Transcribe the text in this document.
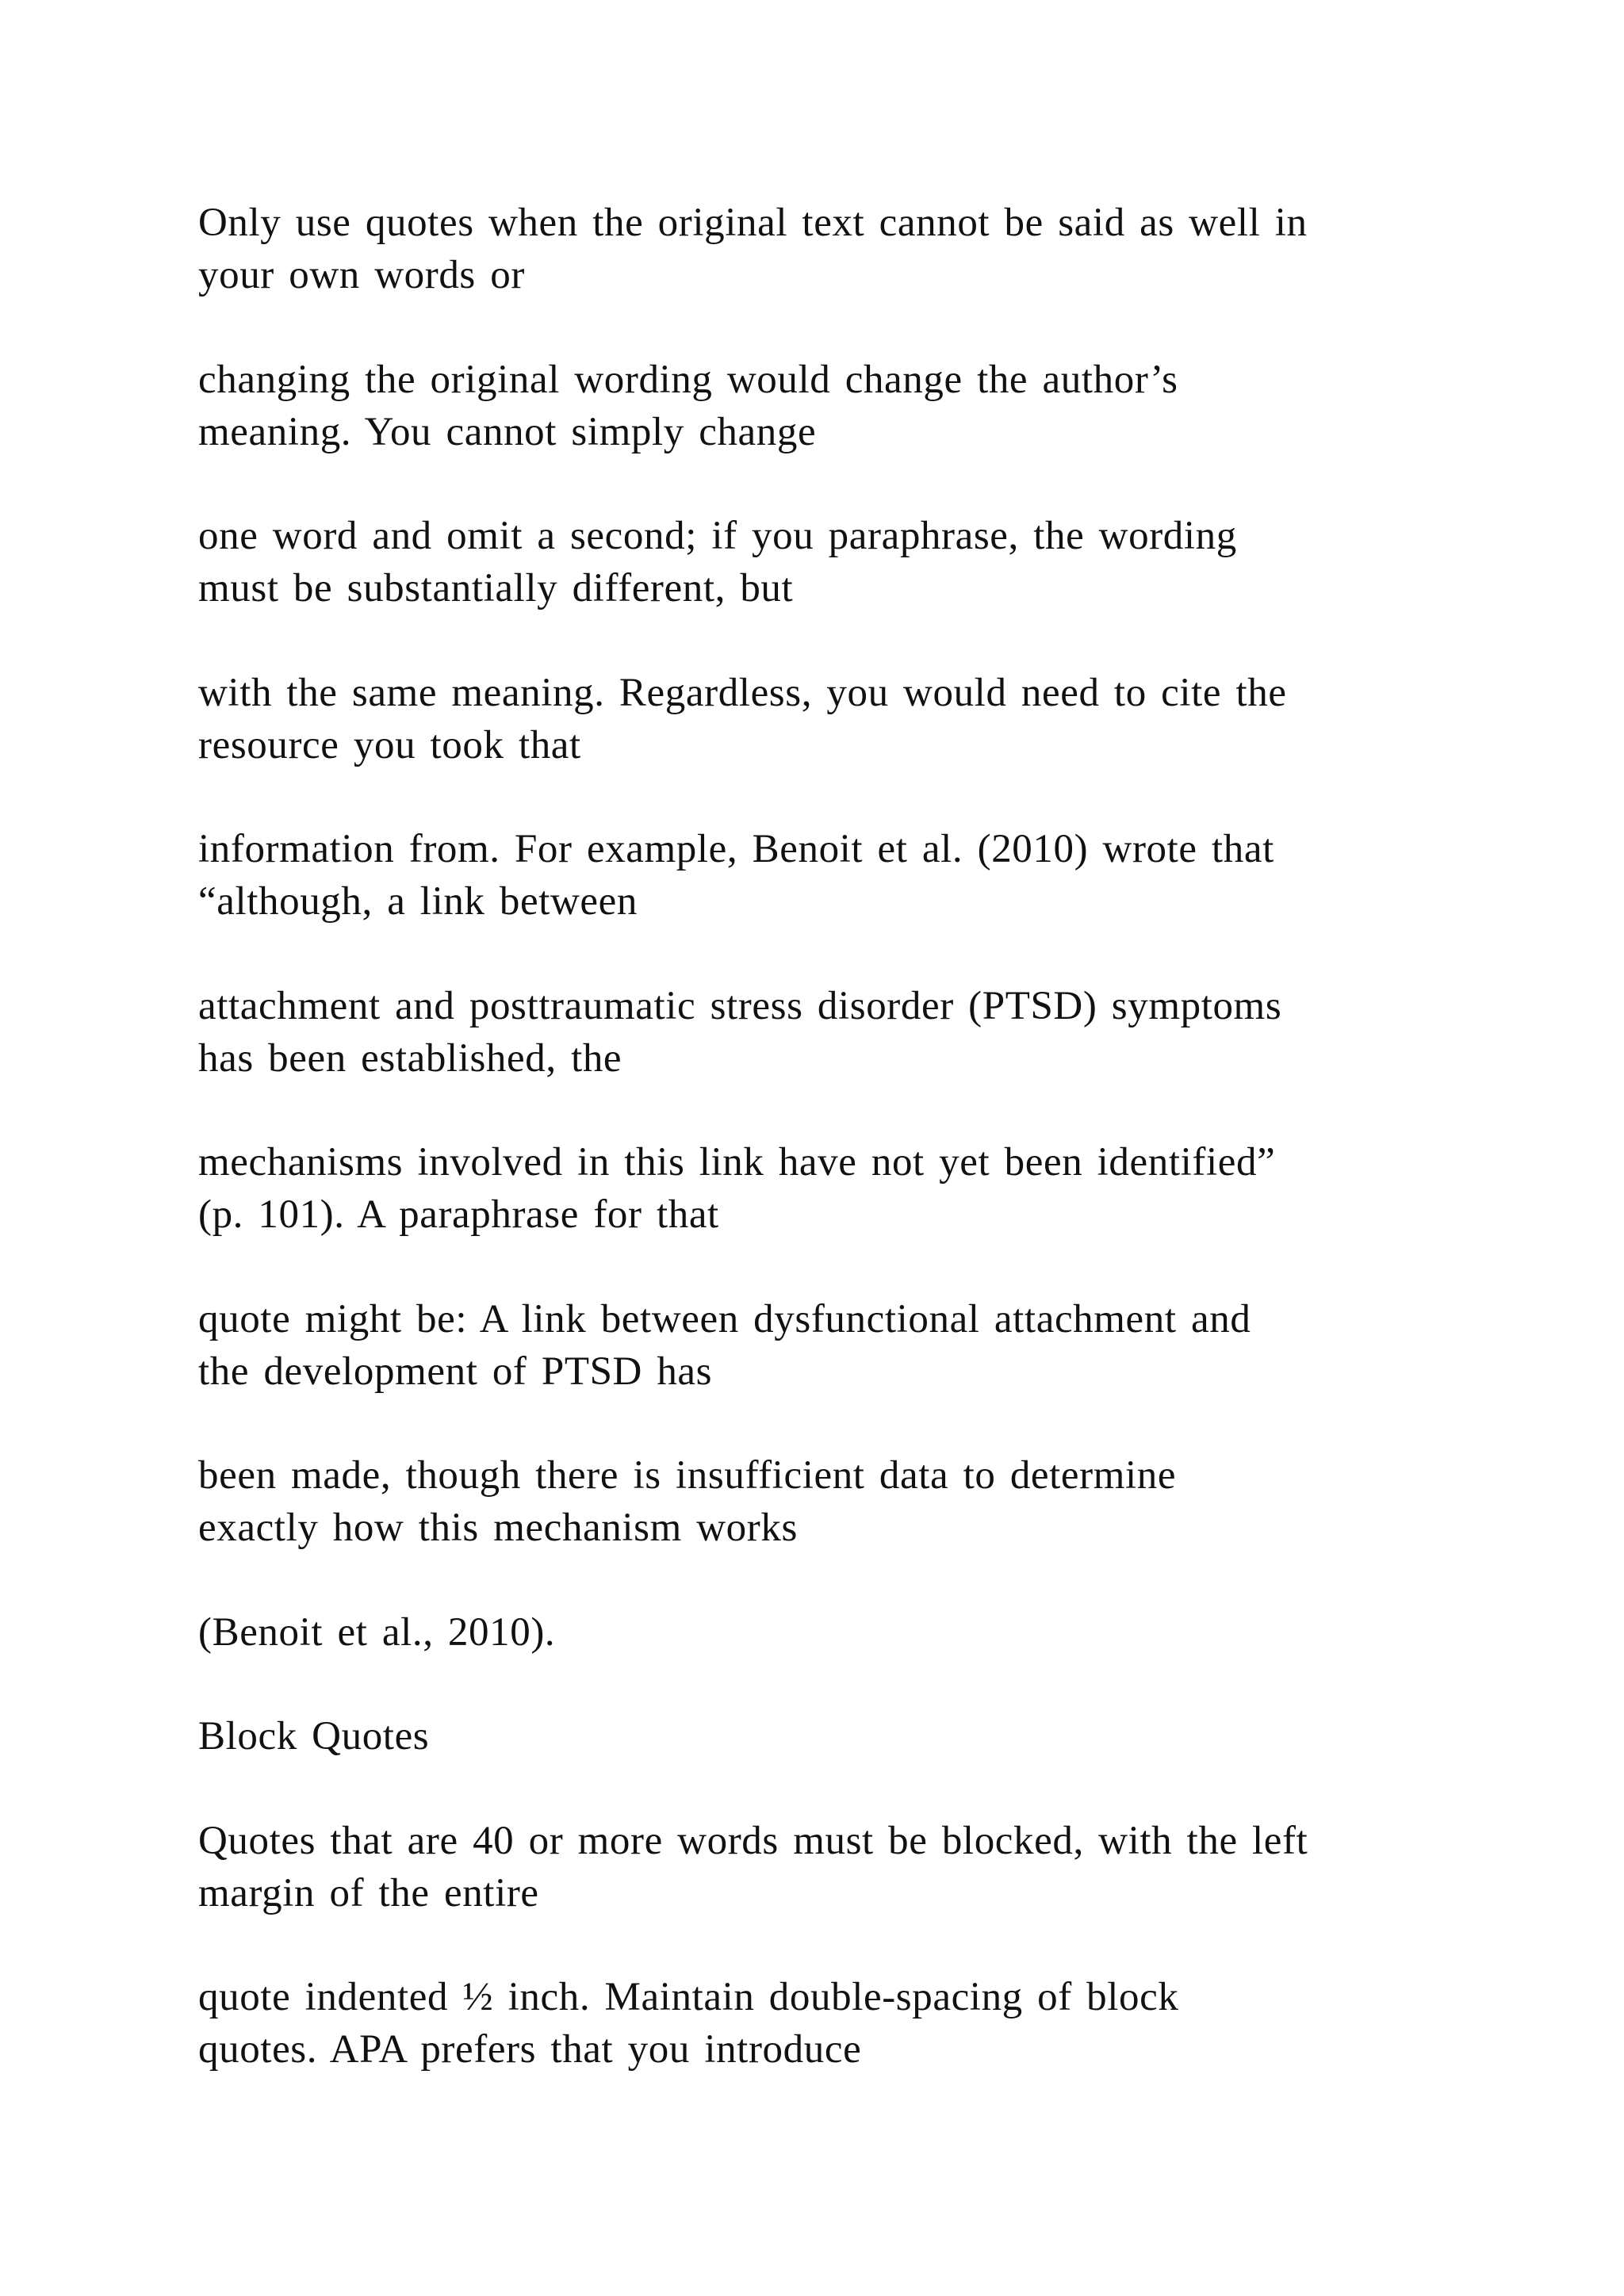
Only use quotes when the original text cannot be said as well in
your own words or

changing the original wording would change the author’s
meaning. You cannot simply change

one word and omit a second; if you paraphrase, the wording
must be substantially different, but

with the same meaning. Regardless, you would need to cite the
resource you took that

information from. For example, Benoit et al. (2010) wrote that
“although, a link between

attachment and posttraumatic stress disorder (PTSD) symptoms
has been established, the

mechanisms involved in this link have not yet been identified”
(p. 101). A paraphrase for that

quote might be: A link between dysfunctional attachment and
the development of PTSD has

been made, though there is insufficient data to determine
exactly how this mechanism works

(Benoit et al., 2010).

Block Quotes

Quotes that are 40 or more words must be blocked, with the left
margin of the entire

quote indented ½ inch. Maintain double-spacing of block
quotes. APA prefers that you introduce
